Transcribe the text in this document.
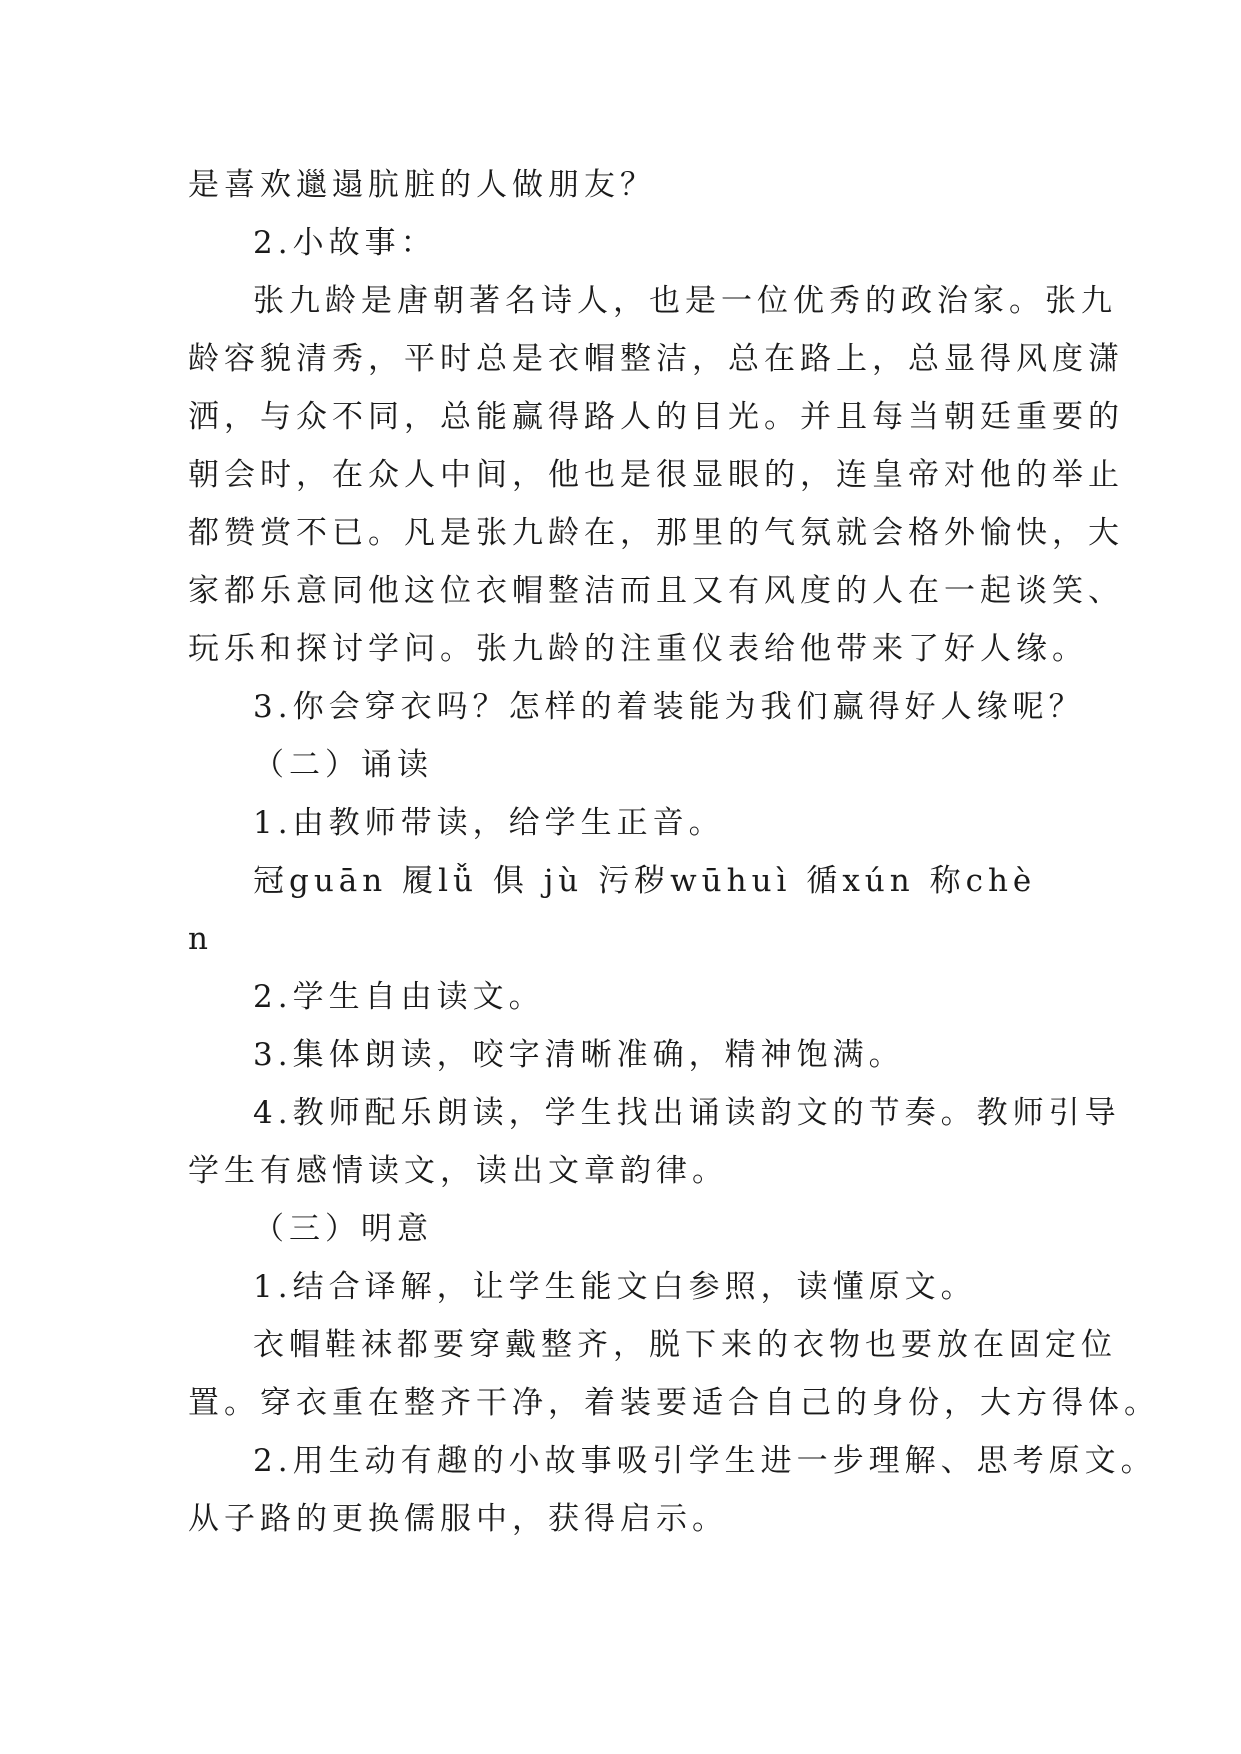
是喜欢邋遢肮脏的人做朋友？
2.小故事：
张九龄是唐朝著名诗人，也是一位优秀的政治家。张九
龄容貌清秀，平时总是衣帽整洁，总在路上，总显得风度潇
洒，与众不同，总能赢得路人的目光。并且每当朝廷重要的
朝会时，在众人中间，他也是很显眼的，连皇帝对他的举止
都赞赏不已。凡是张九龄在，那里的气氛就会格外愉快，大
家都乐意同他这位衣帽整洁而且又有风度的人在一起谈笑、
玩乐和探讨学问。张九龄的注重仪表给他带来了好人缘。
3.你会穿衣吗？怎样的着装能为我们赢得好人缘呢？
（二）诵读
1.由教师带读，给学生正音。
冠guān 履lǚ 俱 jù 污秽wūhuì 循xún 称chè
n
2.学生自由读文。
3.集体朗读，咬字清晰准确，精神饱满。
4.教师配乐朗读，学生找出诵读韵文的节奏。教师引导
学生有感情读文，读出文章韵律。
（三）明意
1.结合译解，让学生能文白参照，读懂原文。
衣帽鞋袜都要穿戴整齐，脱下来的衣物也要放在固定位
置。穿衣重在整齐干净，着装要适合自己的身份，大方得体。
2.用生动有趣的小故事吸引学生进一步理解、思考原文。
从子路的更换儒服中，获得启示。
